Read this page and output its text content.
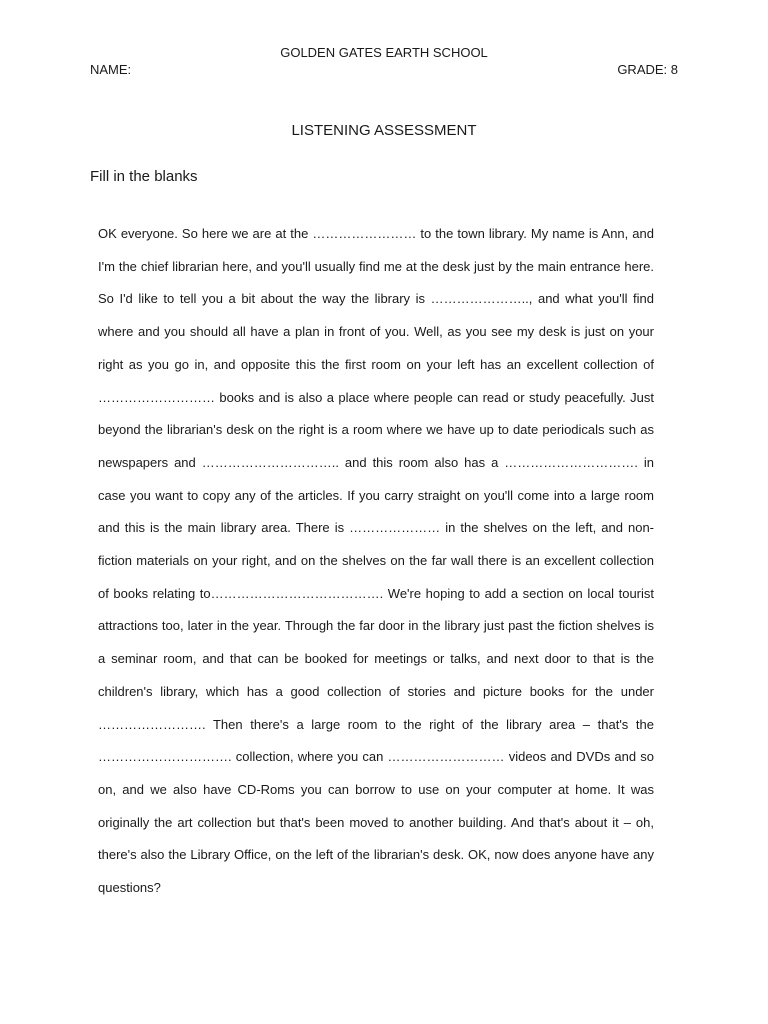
GOLDEN GATES EARTH SCHOOL
NAME:	GRADE: 8
LISTENING ASSESSMENT
Fill in the blanks

OK everyone. So here we are at the …………………… to the town library. My name is Ann, and I'm the chief librarian here, and you'll usually find me at the desk just by the main entrance here. So I'd like to tell you a bit about the way the library is ………………….., and what you'll find where and you should all have a plan in front of you. Well, as you see my desk is just on your right as you go in, and opposite this the first room on your left has an excellent collection of ……………………… books and is also a place where people can read or study peacefully. Just beyond the librarian's desk on the right is a room where we have up to date periodicals such as newspapers and ………………………….. and this room also has a …………………………. in case you want to copy any of the articles. If you carry straight on you'll come into a large room and this is the main library area. There is ………………… in the shelves on the left, and non-fiction materials on your right, and on the shelves on the far wall there is an excellent collection of books relating to…………………………………. We're hoping to add a section on local tourist attractions too, later in the year. Through the far door in the library just past the fiction shelves is a seminar room, and that can be booked for meetings or talks, and next door to that is the children's library, which has a good collection of stories and picture books for the under ……………………. Then there's a large room to the right of the library area – that's the …………………………. collection, where you can ……………………… videos and DVDs and so on, and we also have CD-Roms you can borrow to use on your computer at home. It was originally the art collection but that's been moved to another building. And that's about it – oh, there's also the Library Office, on the left of the librarian's desk. OK, now does anyone have any questions?
